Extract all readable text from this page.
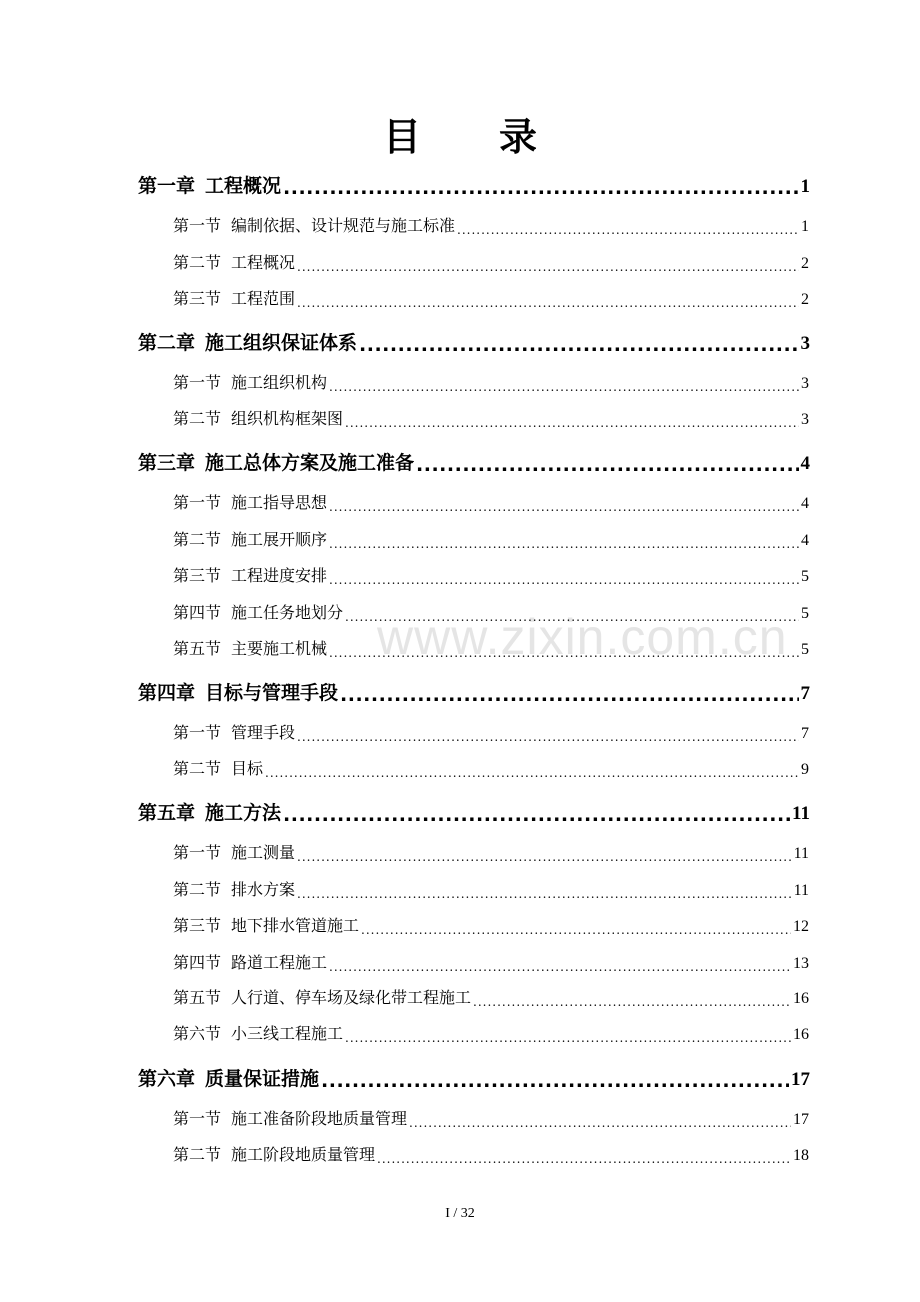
目 录
www.zixin.com.cn
第一章 工程概况 .....	1
第一节 编制依据、设计规范与施工标准 .....	1
第二节 工程概况 .....	2
第三节 工程范围 .....	2
第二章 施工组织保证体系 .....	3
第一节 施工组织机构 .....	3
第二节 组织机构框架图 .....	3
第三章 施工总体方案及施工准备 .....	4
第一节 施工指导思想 .....	4
第二节 施工展开顺序 .....	4
第三节 工程进度安排 .....	5
第四节 施工任务地划分 .....	5
第五节 主要施工机械 .....	5
第四章 目标与管理手段 .....	7
第一节 管理手段 .....	7
第二节 目标 .....	9
第五章 施工方法 .....	11
第一节 施工测量 .....	11
第二节 排水方案 .....	11
第三节 地下排水管道施工 .....	12
第四节 路道工程施工 .....	13
第五节 人行道、停车场及绿化带工程施工 .....	16
第六节 小三线工程施工 .....	16
第六章 质量保证措施 .....	17
第一节 施工准备阶段地质量管理 .....	17
第二节 施工阶段地质量管理 .....	18
I / 32
